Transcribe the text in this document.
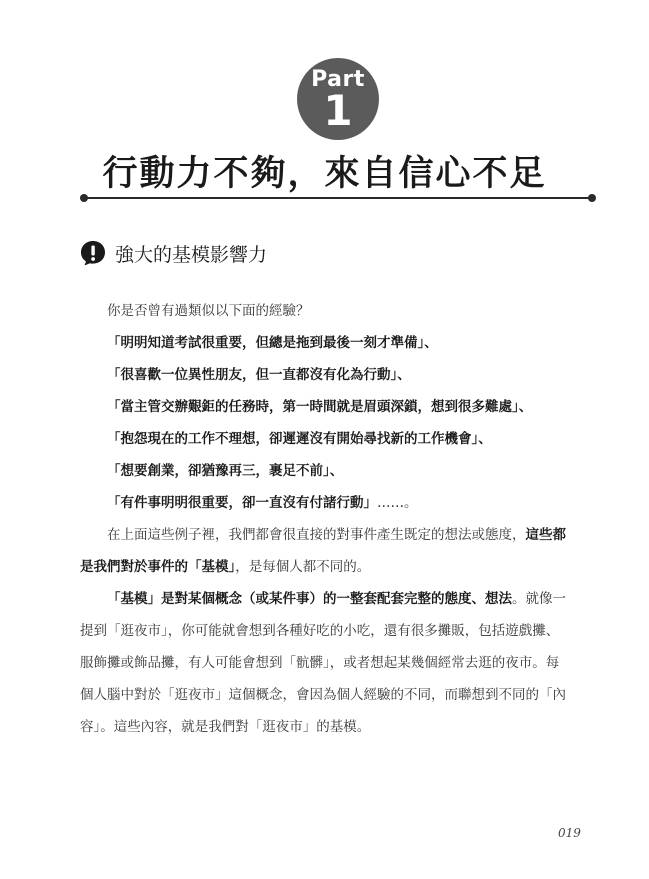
Part
1
行動力不夠，來自信心不足
強大的基模影響力
你是否曾有過類似以下面的經驗？
「明明知道考試很重要，但總是拖到最後一刻才準備」、
「很喜歡一位異性朋友，但一直都沒有化為行動」、
「當主管交辦艱鉅的任務時，第一時間就是眉頭深鎖，想到很多難處」、
「抱怨現在的工作不理想，卻遲遲沒有開始尋找新的工作機會」、
「想要創業，卻猶豫再三，裹足不前」、
「有件事明明很重要，卻一直沒有付諸行動」……。
在上面這些例子裡，我們都會很直接的對事件產生既定的想法或態度，這些都
是我們對於事件的「基模」，是每個人都不同的。
「基模」是對某個概念（或某件事）的一整套配套完整的態度、想法。就像一
提到「逛夜市」，你可能就會想到各種好吃的小吃，還有很多攤販，包括遊戲攤、
服飾攤或飾品攤，有人可能會想到「骯髒」，或者想起某幾個經常去逛的夜市。每
個人腦中對於「逛夜市」這個概念，會因為個人經驗的不同，而聯想到不同的「內
容」。這些內容，就是我們對「逛夜市」的基模。
019
